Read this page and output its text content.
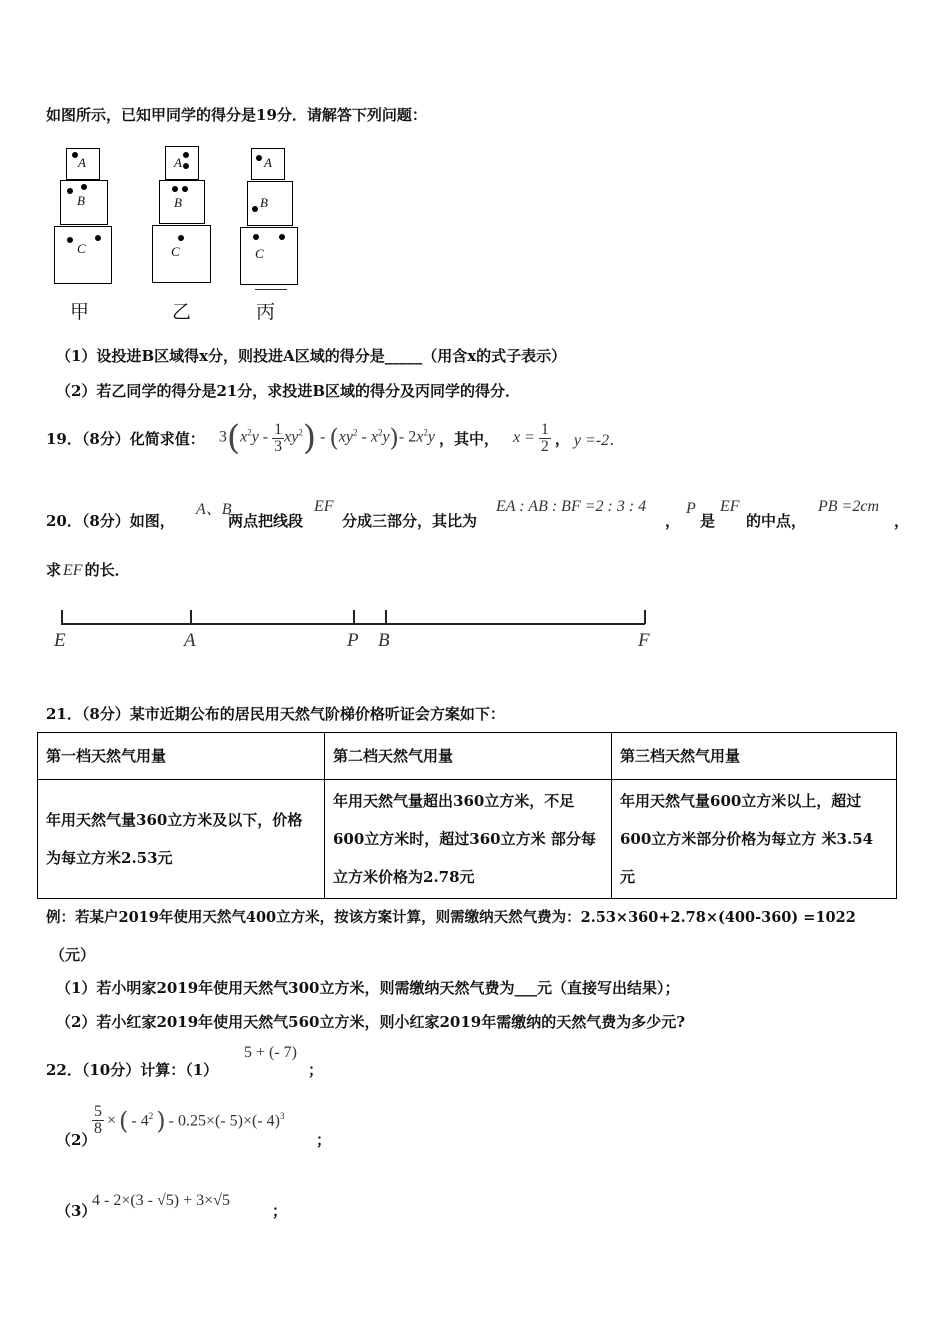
如图所示，已知甲同学的得分是19分．请解答下列问题：
A
B
C
甲
A
B
C
乙
A
B
C
丙
（1）设投进B区域得x分，则投进A区域的得分是_____（用含x的式子表示）
（2）若乙同学的得分是21分，求投进B区域的得分及丙同学的得分．
19．（8分）化简求值： $3(x^2y - \frac{1}{3} xy^2) - (xy^2 - x^2y)-$ $2x^2y$ ，其中， $x = \frac{1}{2}$ ， y =-2．
20．（8分）如图，
A、B
两点把线段
EF
分成三部分，其比为
EA : AB : BF =2 : 3 : 4
，
P
是
EF
的中点，
PB =2cm
，
求 EF 的长．
E	A	P B	F
21．（8分）某市近期公布的居民用天然气阶梯价格听证会方案如下：
第一档天然气用量	第二档天然气用量	第三档天然气用量
年用天然气量360立方米及以下，价格为每立方米2.53元	年用天然气量超出360立方米，不足600立方米时，超过360立方米 部分每立方米价格为2.78元	年用天然气量600立方米以上，超过600立方米部分价格为每立方 米3.54元
例：若某户2019年使用天然气400立方米，按该方案计算，则需缴纳天然气费为：2.53×360+2.78×(400-360) =1022
（元）
（1）若小明家2019年使用天然气300立方米，则需缴纳天然气费为___元（直接写出结果）；
（2）若小红家2019年使用天然气560立方米，则小红家2019年需缴纳的天然气费为多少元?
22．（10分）计算：（1）
5 + (- 7)
；
（2）
$\frac{5}{8}$ × ( - $4^2$ ) - 0.25×(- 5)×(- 4)$^3$
；
（3）
4 - 2×(3 - √5) + 3×√5
；
